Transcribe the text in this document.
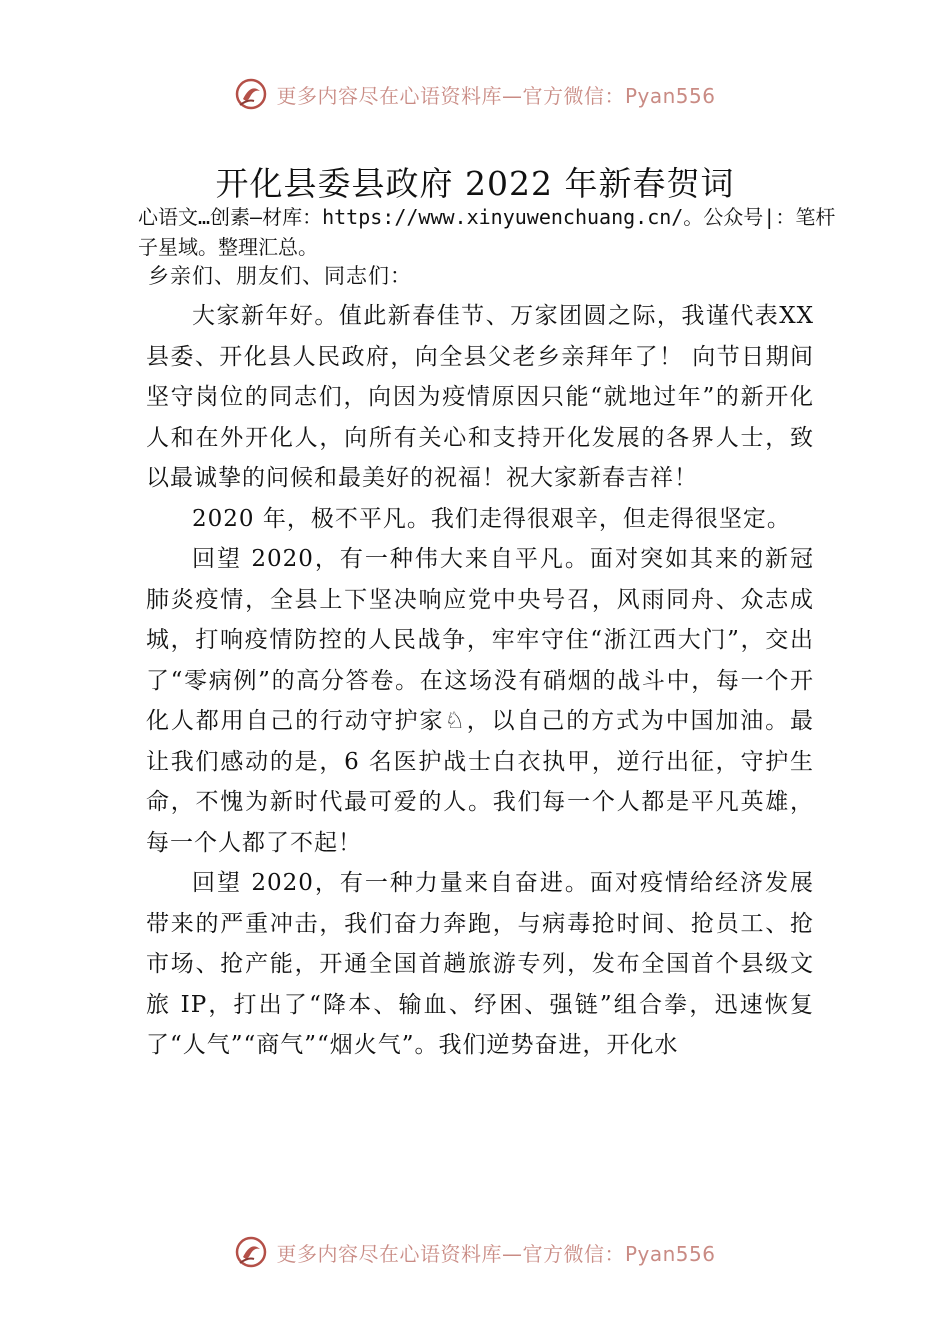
更多内容尽在心语资料库—官方微信：Pyan556
开化县委县政府 2022 年新春贺词

心语文…创素—材库：https://www.xinyuwenchuang.cn/。公众号|：笔杆子星域。整理汇总。

乡亲们、朋友们、同志们：

大家新年好。值此新春佳节、万家团圆之际，我谨代表XX县委、开化县人民政府，向全县父老乡亲拜年了！ 向节日期间坚守岗位的同志们，向因为疫情原因只能“就地过年”的新开化人和在外开化人，向所有关心和支持开化发展的各界人士，致以最诚挚的问候和最美好的祝福！祝大家新春吉祥！

2020 年，极不平凡。我们走得很艰辛，但走得很坚定。

回望 2020，有一种伟大来自平凡。面对突如其来的新冠肺炎疫情，全县上下坚决响应党中央号召，风雨同舟、众志成城，打响疫情防控的人民战争，牢牢守住“浙江西大门”，交出了“零病例”的高分答卷。在这场没有硝烟的战斗中，每一个开化人都用自己的行动守护家♘，以自己的方式为中国加油。最让我们感动的是，6 名医护战士白衣执甲，逆行出征，守护生命，不愧为新时代最可爱的人。我们每一个人都是平凡英雄，每一个人都了不起！

回望 2020，有一种力量来自奋进。面对疫情给经济发展带来的严重冲击，我们奋力奔跑，与病毒抢时间、抢员工、抢市场、抢产能，开通全国首趟旅游专列，发布全国首个县级文旅 IP，打出了“降本、输血、纾困、强链”组合拳，迅速恢复了“人气”“商气”“烟火气”。我们逆势奋进，开化水

更多内容尽在心语资料库—官方微信：Pyan556
